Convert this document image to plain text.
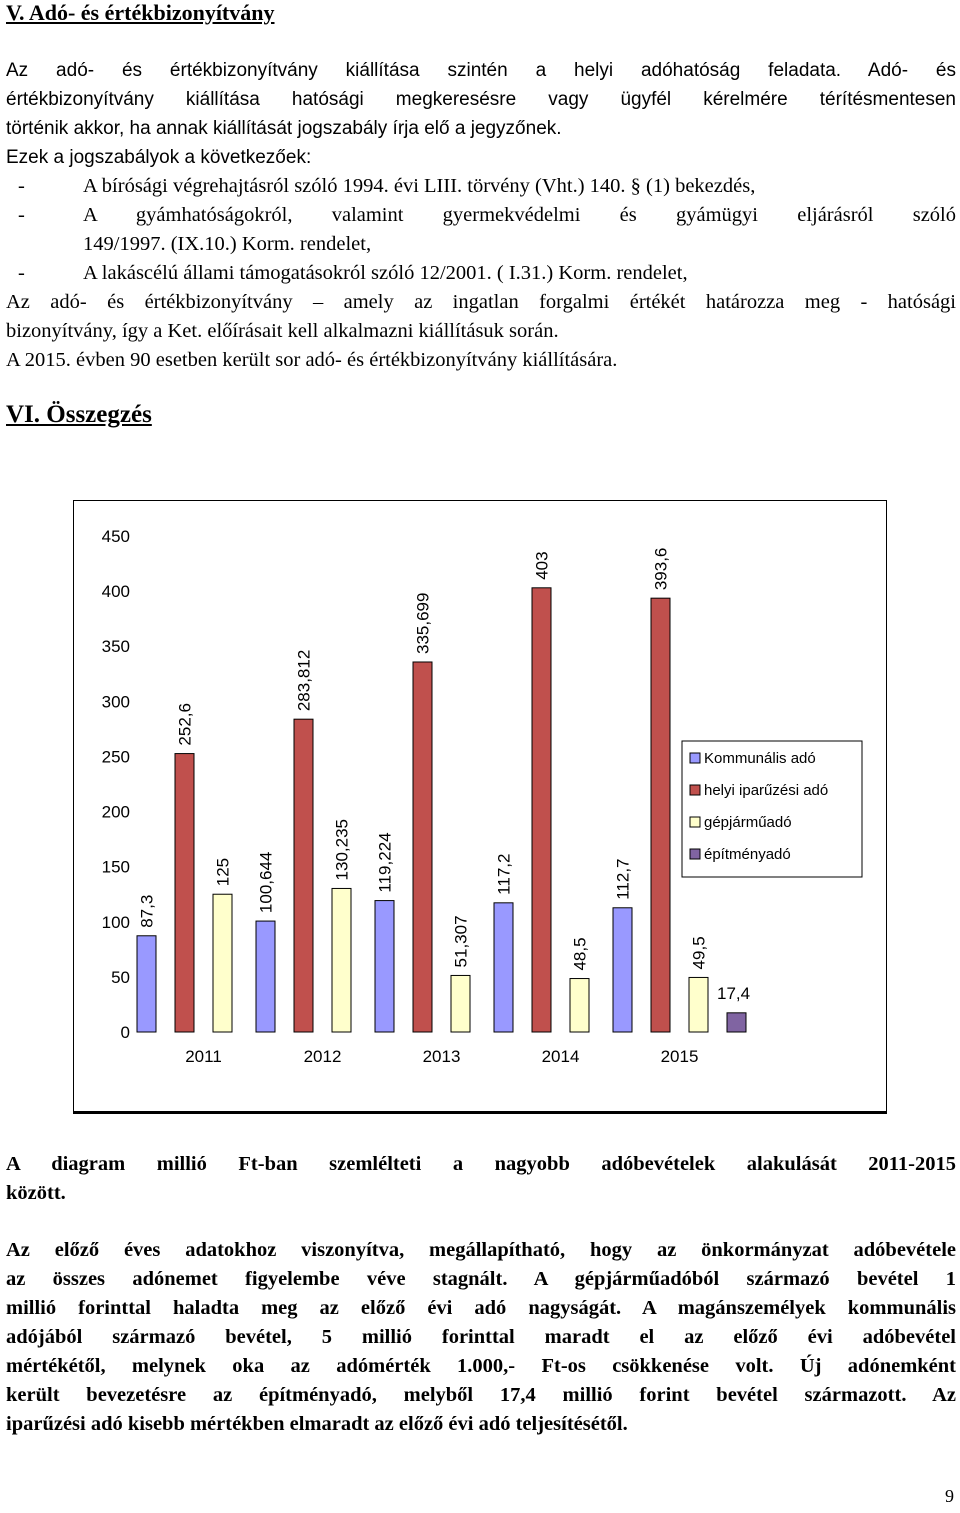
V. Adó- és értékbizonyítvány
Az adó- és értékbizonyítvány kiállítása szintén a helyi adóhatóság feladata. Adó- és
értékbizonyítvány kiállítása hatósági megkeresésre vagy ügyfél kérelmére térítésmentesen
történik akkor, ha annak kiállítását jogszabály írja elő a jegyzőnek.
Ezek a jogszabályok a következőek:
-	A bírósági végrehajtásról szóló 1994. évi LIII. törvény (Vht.) 140. § (1) bekezdés,
-	A gyámhatóságokról, valamint gyermekvédelmi és gyámügyi eljárásról szóló
149/1997. (IX.10.) Korm. rendelet,
-	A lakáscélú állami támogatásokról szóló 12/2001. ( I.31.) Korm. rendelet,
Az adó- és értékbizonyítvány – amely az ingatlan forgalmi értékét határozza meg - hatósági
bizonyítvány, így a Ket. előírásait kell alkalmazni kiállításuk során.
A 2015. évben 90 esetben került sor adó- és értékbizonyítvány kiállítására.
VI. Összegzés
0
50
100
150
200
250
300
350
400
450
87,3
252,6
125
2011
100,644
283,812
130,235
2012
119,224
335,699
51,307
2013
117,2
403
48,5
2014
112,7
393,6
49,5
17,4
2015
Kommunális adó
helyi iparűzési adó
gépjárműadó
építményadó
A diagram millió Ft-ban szemlélteti a nagyobb adóbevételek alakulását 2011-2015
között.
Az előző éves adatokhoz viszonyítva, megállapítható, hogy az önkormányzat adóbevétele
az összes adónemet figyelembe véve stagnált. A gépjárműadóból származó bevétel 1
millió forinttal haladta meg az előző évi adó nagyságát. A magánszemélyek kommunális
adójából származó bevétel, 5 millió forinttal maradt el az előző évi adóbevétel
mértékétől, melynek oka az adómérték 1.000,- Ft-os csökkenése volt. Új adónemként
került bevezetésre az építményadó, melyből 17,4 millió forint bevétel származott. Az
iparűzési adó kisebb mértékben elmaradt az előző évi adó teljesítésétől.
9
